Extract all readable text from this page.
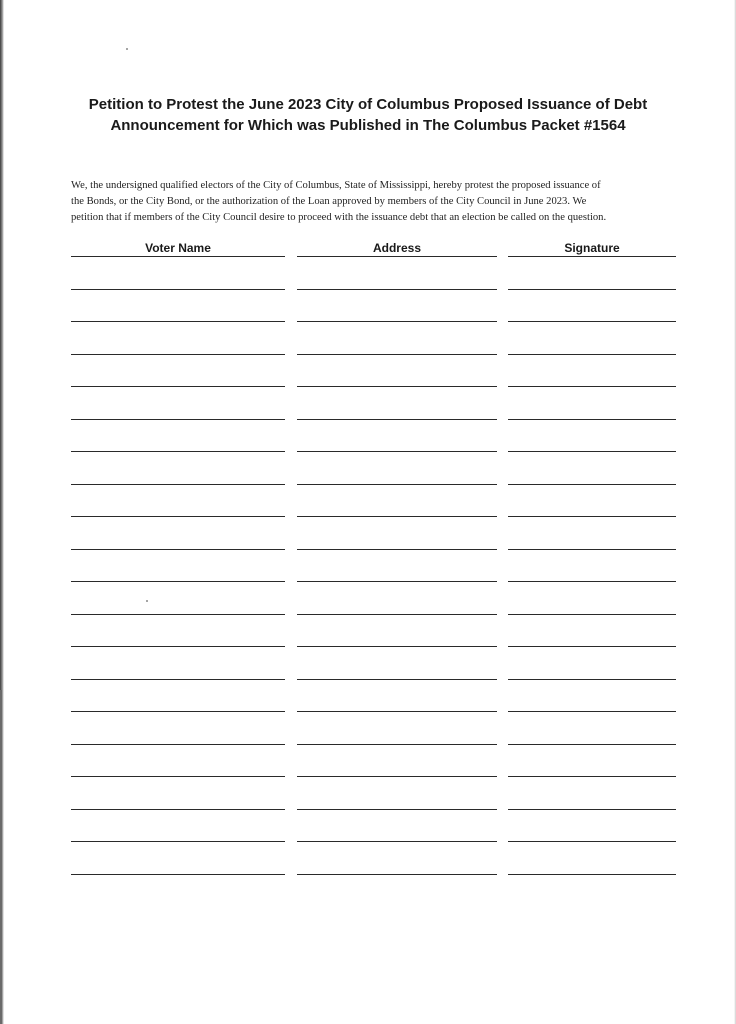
Petition to Protest the June 2023 City of Columbus Proposed Issuance of Debt
Announcement for Which was Published in The Columbus Packet #1564
We, the undersigned qualified electors of the City of Columbus, State of Mississippi, hereby protest the proposed issuance of
the Bonds, or the City Bond, or the authorization of the Loan approved by members of the City Council in June 2023. We
petition that if members of the City Council desire to proceed with the issuance debt that an election be called on the question.
Voter Name	Address	Signature
